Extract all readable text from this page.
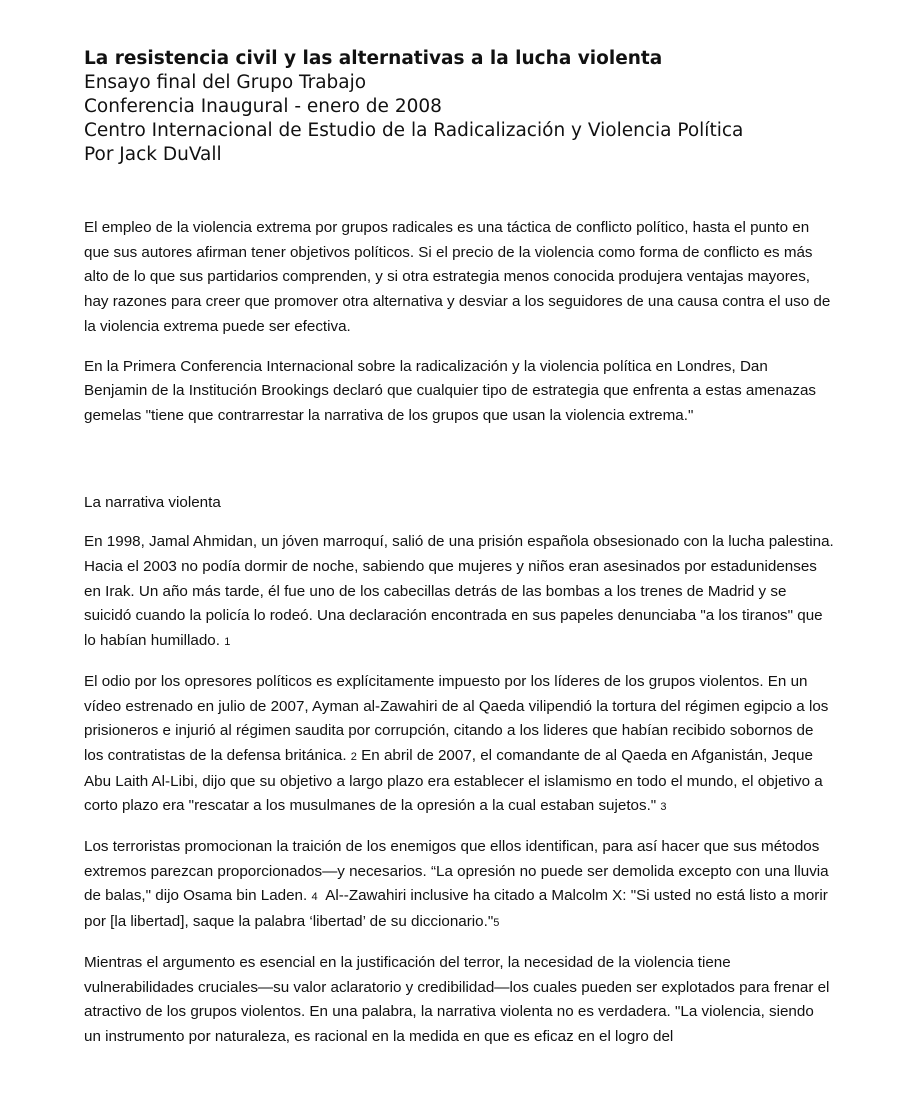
La resistencia civil y las alternativas a la lucha violenta
Ensayo final del Grupo Trabajo
Conferencia Inaugural - enero de 2008
Centro Internacional de Estudio de la Radicalización y Violencia Política
Por Jack DuVall

El empleo de la violencia extrema por grupos radicales es una táctica de conflicto político, hasta el punto en que sus autores afirman tener objetivos políticos. Si el precio de la violencia como forma de conflicto es más alto de lo que sus partidarios comprenden, y si otra estrategia menos conocida produjera ventajas mayores, hay razones para creer que promover otra alternativa y desviar a los seguidores de una causa contra el uso de la violencia extrema puede ser efectiva.

En la Primera Conferencia Internacional sobre la radicalización y la violencia política en Londres, Dan Benjamin de la Institución Brookings declaró que cualquier tipo de estrategia que enfrenta a estas amenazas gemelas "tiene que contrarrestar la narrativa de los grupos que usan la violencia extrema."

La narrativa violenta

En 1998, Jamal Ahmidan, un jóven marroquí, salió de una prisión española obsesionado con la lucha palestina. Hacia el 2003 no podía dormir de noche, sabiendo que mujeres y niños eran asesinados por estadunidenses en Irak. Un año más tarde, él fue uno de los cabecillas detrás de las bombas a los trenes de Madrid y se suicidó cuando la policía lo rodeó. Una declaración encontrada en sus papeles denunciaba "a los tiranos" que lo habían humillado. 1

El odio por los opresores políticos es explícitamente impuesto por los líderes de los grupos violentos. En un vídeo estrenado en julio de 2007, Ayman al-Zawahiri de al Qaeda vilipendió la tortura del régimen egipcio a los prisioneros e injurió al régimen saudita por corrupción, citando a los lideres que habían recibido sobornos de los contratistas de la defensa británica. 2 En abril de 2007, el comandante de al Qaeda en Afganistán, Jeque Abu Laith Al-Libi, dijo que su objetivo a largo plazo era establecer el islamismo en todo el mundo, el objetivo a corto plazo era "rescatar a los musulmanes de la opresión a la cual estaban sujetos." 3

Los terroristas promocionan la traición de los enemigos que ellos identifican, para así hacer que sus métodos extremos parezcan proporcionados—y necesarios. “La opresión no puede ser demolida excepto con una lluvia de balas," dijo Osama bin Laden. 4 Al--Zawahiri inclusive ha citado a Malcolm X: "Si usted no está listo a morir por [la libertad], saque la palabra ‘libertad’ de su diccionario."5

Mientras el argumento es esencial en la justificación del terror, la necesidad de la violencia tiene vulnerabilidades cruciales—su valor aclaratorio y credibilidad—los cuales pueden ser explotados para frenar el atractivo de los grupos violentos. En una palabra, la narrativa violenta no es verdadera. "La violencia, siendo un instrumento por naturaleza, es racional en la medida en que es eficaz en el logro del
